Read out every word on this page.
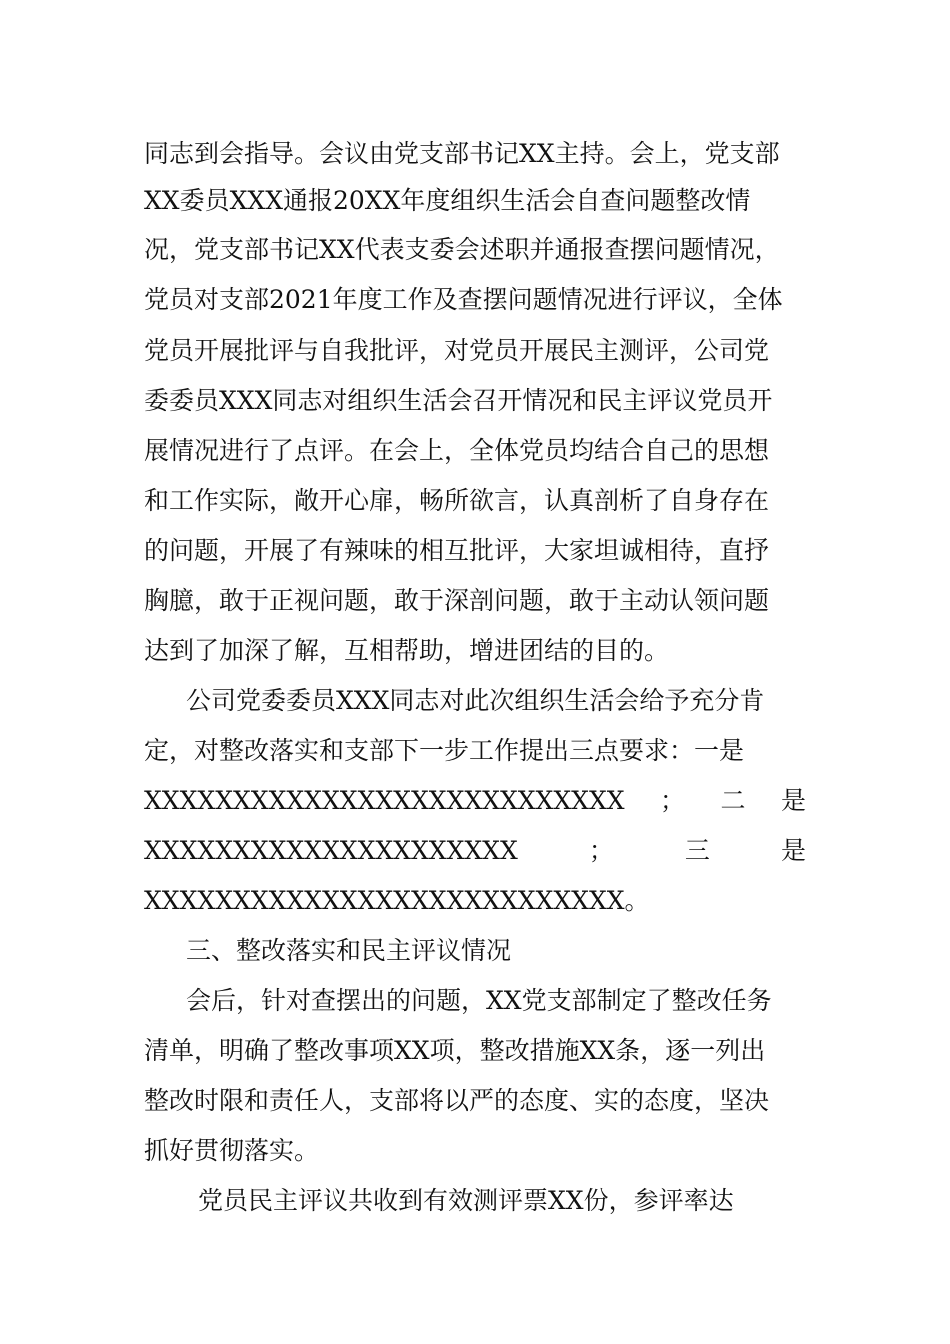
同志到会指导。会议由党支部书记XX主持。会上，党支部
XX委员XXX通报20XX年度组织生活会自查问题整改情
况，党支部书记XX代表支委会述职并通报查摆问题情况，
党员对支部2021年度工作及查摆问题情况进行评议，全体
党员开展批评与自我批评，对党员开展民主测评，公司党
委委员XXX同志对组织生活会召开情况和民主评议党员开
展情况进行了点评。在会上，全体党员均结合自己的思想
和工作实际，敞开心扉，畅所欲言，认真剖析了自身存在
的问题，开展了有辣味的相互批评，大家坦诚相待，直抒
胸臆，敢于正视问题，敢于深剖问题，敢于主动认领问题
达到了加深了解，互相帮助，增进团结的目的。
公司党委委员XXX同志对此次组织生活会给予充分肯
定，对整改落实和支部下一步工作提出三点要求：一是
XXXXXXXXXXXXXXXXXXXXXXXXXXX ； 二 是
XXXXXXXXXXXXXXXXXXXXX	；	三	是
XXXXXXXXXXXXXXXXXXXXXXXXXXX。
三、整改落实和民主评议情况
会后，针对查摆出的问题，XX党支部制定了整改任务
清单，明确了整改事项XX项，整改措施XX条，逐一列出
整改时限和责任人，支部将以严的态度、实的态度，坚决
抓好贯彻落实。
党员民主评议共收到有效测评票XX份，参评率达
